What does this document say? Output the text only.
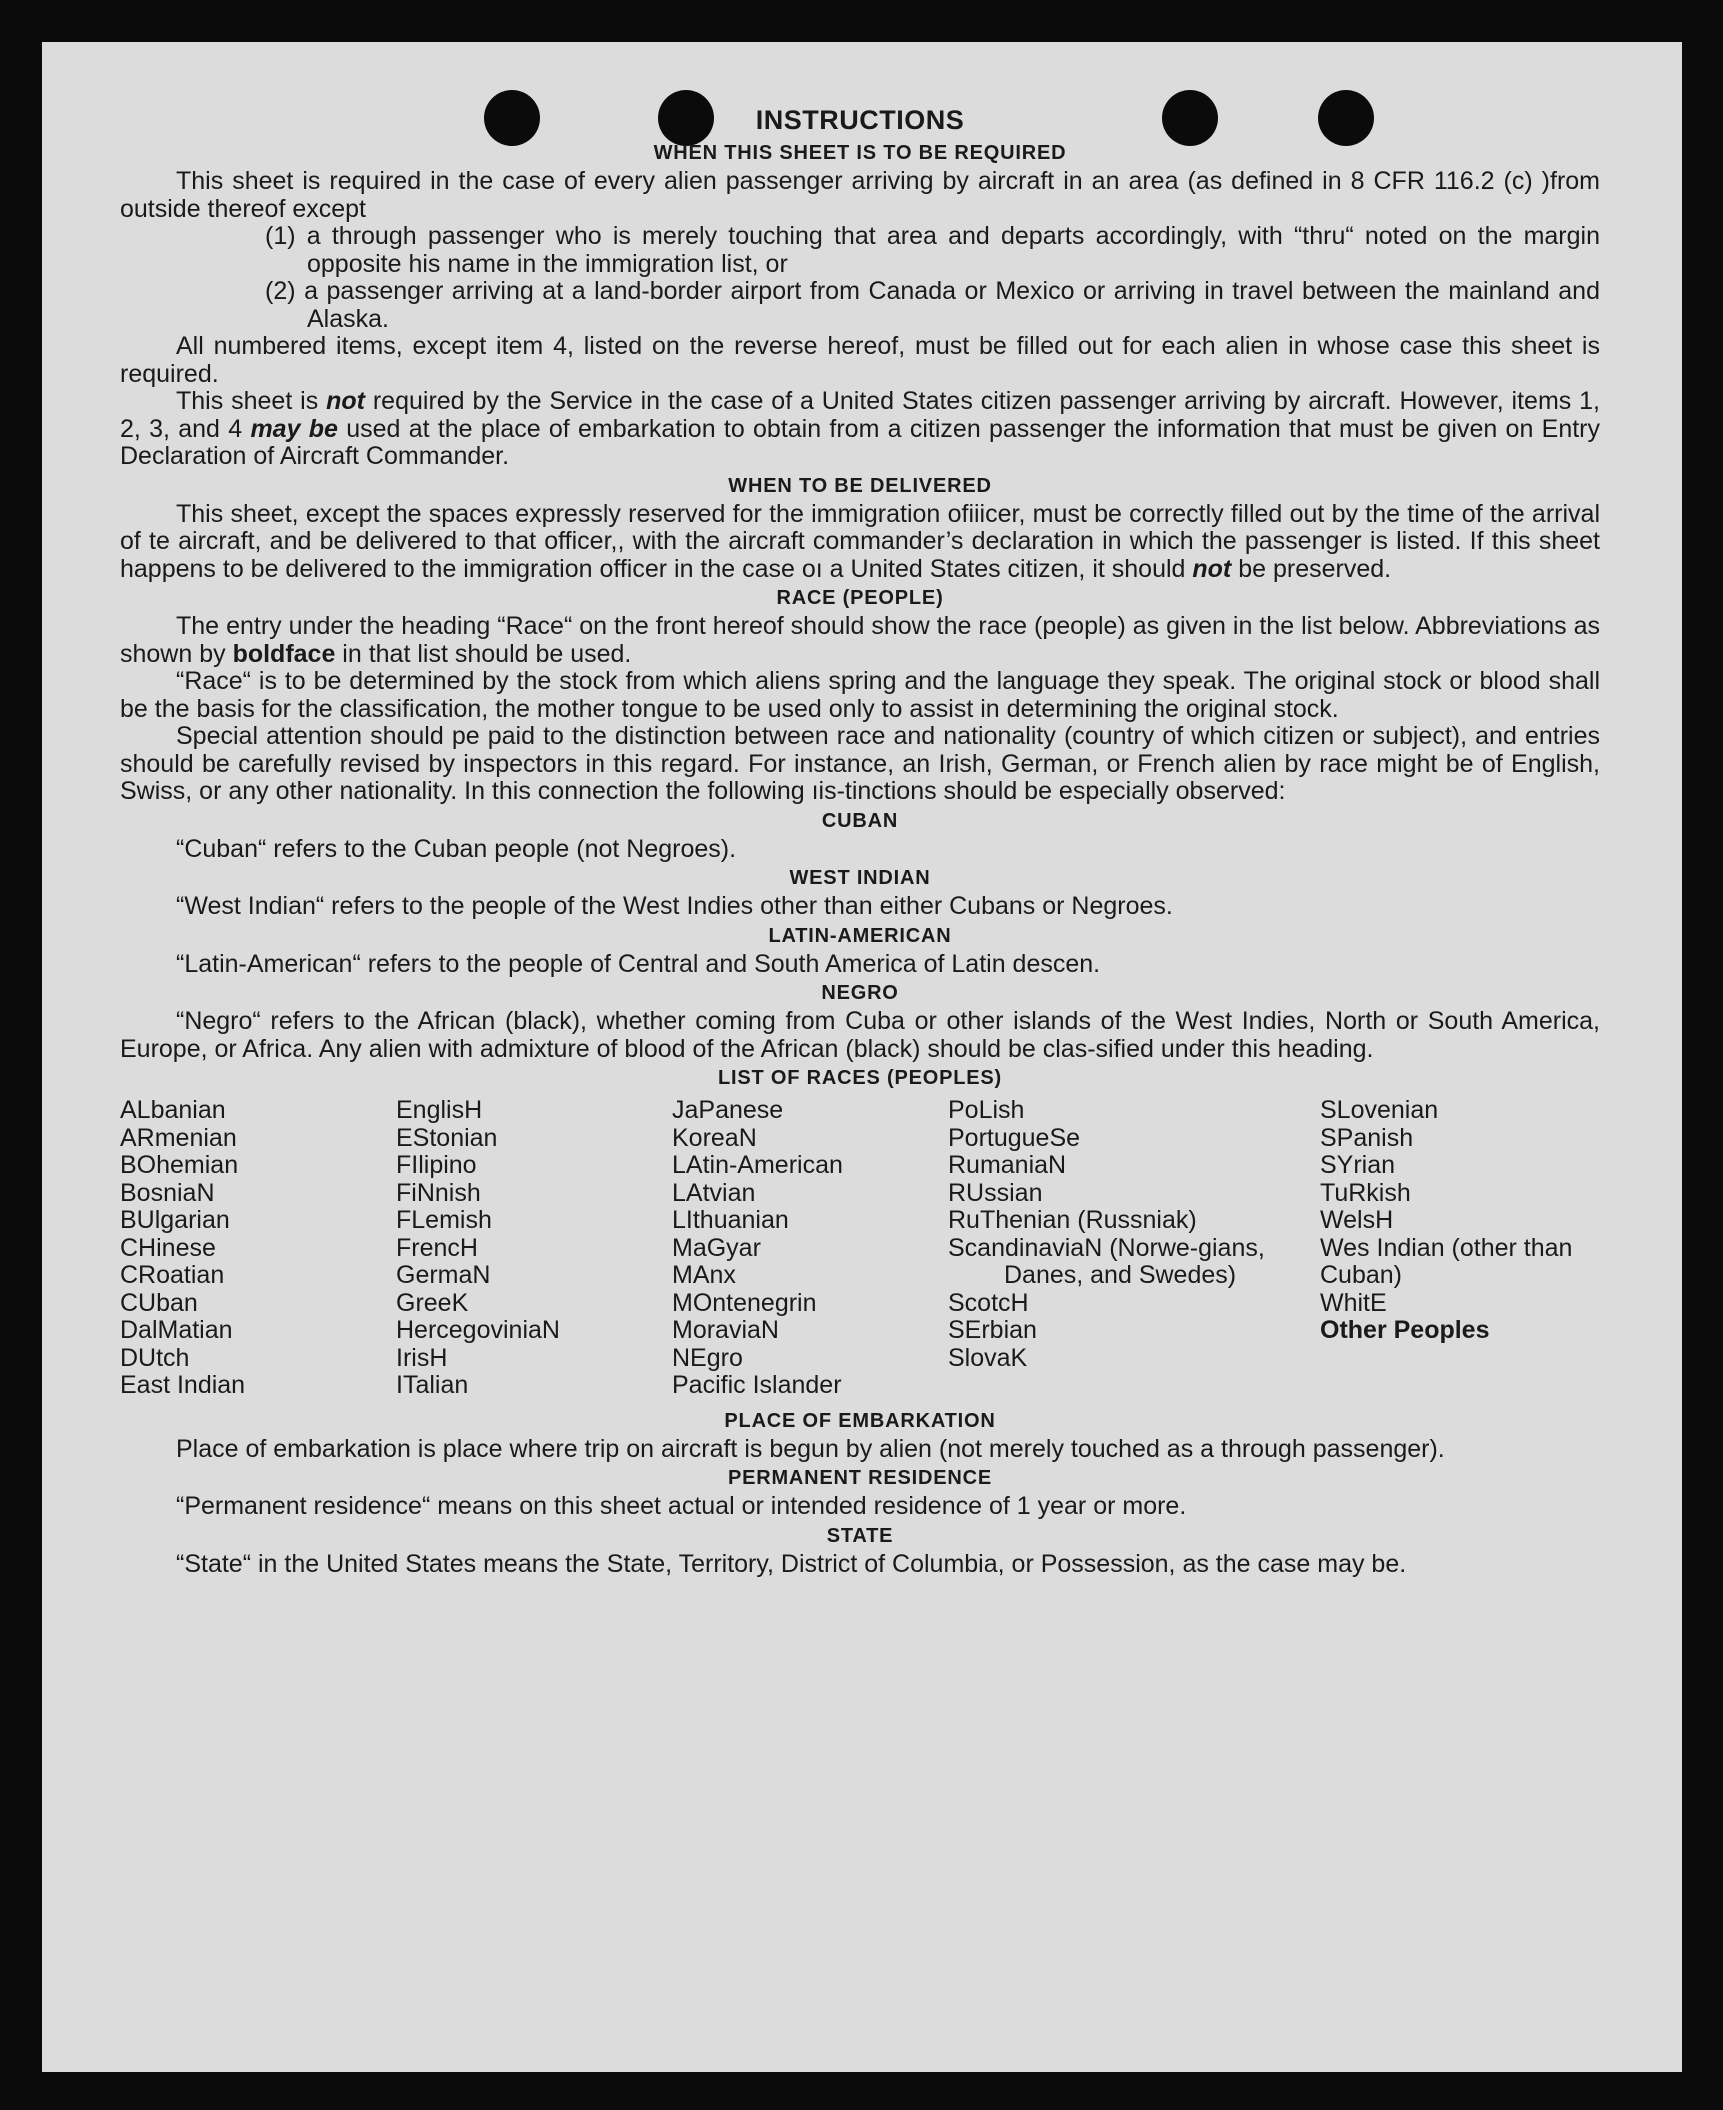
INSTRUCTIONS
WHEN THIS SHEET IS TO BE REQUIRED

This sheet is required in the case of every alien passenger arriving by aircraft in an area (as defined in 8 CFR 116.2 (c) )from outside thereof except

(1) a through passenger who is merely touching that area and departs accordingly, with “thru“ noted on the margin opposite his name in the immigration list, or
(2) a passenger arriving at a land-border airport from Canada or Mexico or arriving in travel between the mainland and Alaska.

All numbered items, except item 4, listed on the reverse hereof, must be filled out for each alien in whose case this sheet is required.

This sheet is not required by the Service in the case of a United States citizen passenger arriving by aircraft. However, items 1, 2, 3, and 4 may be used at the place of embarkation to obtain from a citizen passenger the information that must be given on Entry Declaration of Aircraft Commander.

WHEN TO BE DELIVERED

This sheet, except the spaces expressly reserved for the immigration ofiiicer, must be correctly filled out by the time of the arrival of te aircraft, and be delivered to that officer,, with the aircraft commander’s declaration in which the passenger is listed. If this sheet happens to be delivered to the immigration officer in the case oı a United States citizen, it should not be preserved.

RACE (PEOPLE)

The entry under the heading “Race“ on the front hereof should show the race (people) as given in the list below. Abbreviations as shown by boldface in that list should be used.

“Race“ is to be determined by the stock from which aliens spring and the language they speak. The original stock or blood shall be the basis for the classification, the mother tongue to be used only to assist in determining the original stock.

Special attention should pe paid to the distinction between race and nationality (country of which citizen or subject), and entries should be carefully revised by inspectors in this regard. For instance, an Irish, German, or French alien by race might be of English, Swiss, or any other nationality. In this connection the following ıis-tinctions should be especially observed:

CUBAN

“Cuban“ refers to the Cuban people (not Negroes).

WEST INDIAN

“West Indian“ refers to the people of the West Indies other than either Cubans or Negroes.

LATIN-AMERICAN

“Latin-American“ refers to the people of Central and South America of Latin descen.

NEGRO

“Negro“ refers to the African (black), whether coming from Cuba or other islands of the West Indies, North or South America, Europe, or Africa. Any alien with admixture of blood of the African (black) should be clas-sified under this heading.

LIST OF RACES (PEOPLES)
ALbanian
ARmenian
BOhemian
BosniaN
BUlgarian
CHinese
CRoatian
CUban
DalMatian
DUtch
East Indian
EnglisH
EStonian
FIlipino
FiNnish
FLemish
FrencH
GermaN
GreeK
HercegoviniaN
IrisH
ITalian
JaPanese
KoreaN
LAtin-American
LAtvian
LIthuanian
MaGyar
MAnx
MOntenegrin
MoraviaN
NEgro
Pacific Islander
PoLish
PortugueSe
RumaniaN
RUssian
RuThenian (Russniak)
ScandinaviaN (Norwe-gians, Danes, and Swedes)
ScotcH
SErbian
SlovaK
SLovenian
SPanish
SYrian
TuRkish
WelsH
Wes Indian (other than Cuban)
WhitE
Other Peoples
PLACE OF EMBARKATION

Place of embarkation is place where trip on aircraft is begun by alien (not merely touched as a through passenger).

PERMANENT RESIDENCE

“Permanent residence“ means on this sheet actual or intended residence of 1 year or more.

STATE

“State“ in the United States means the State, Territory, District of Columbia, or Possession, as the case may be.
